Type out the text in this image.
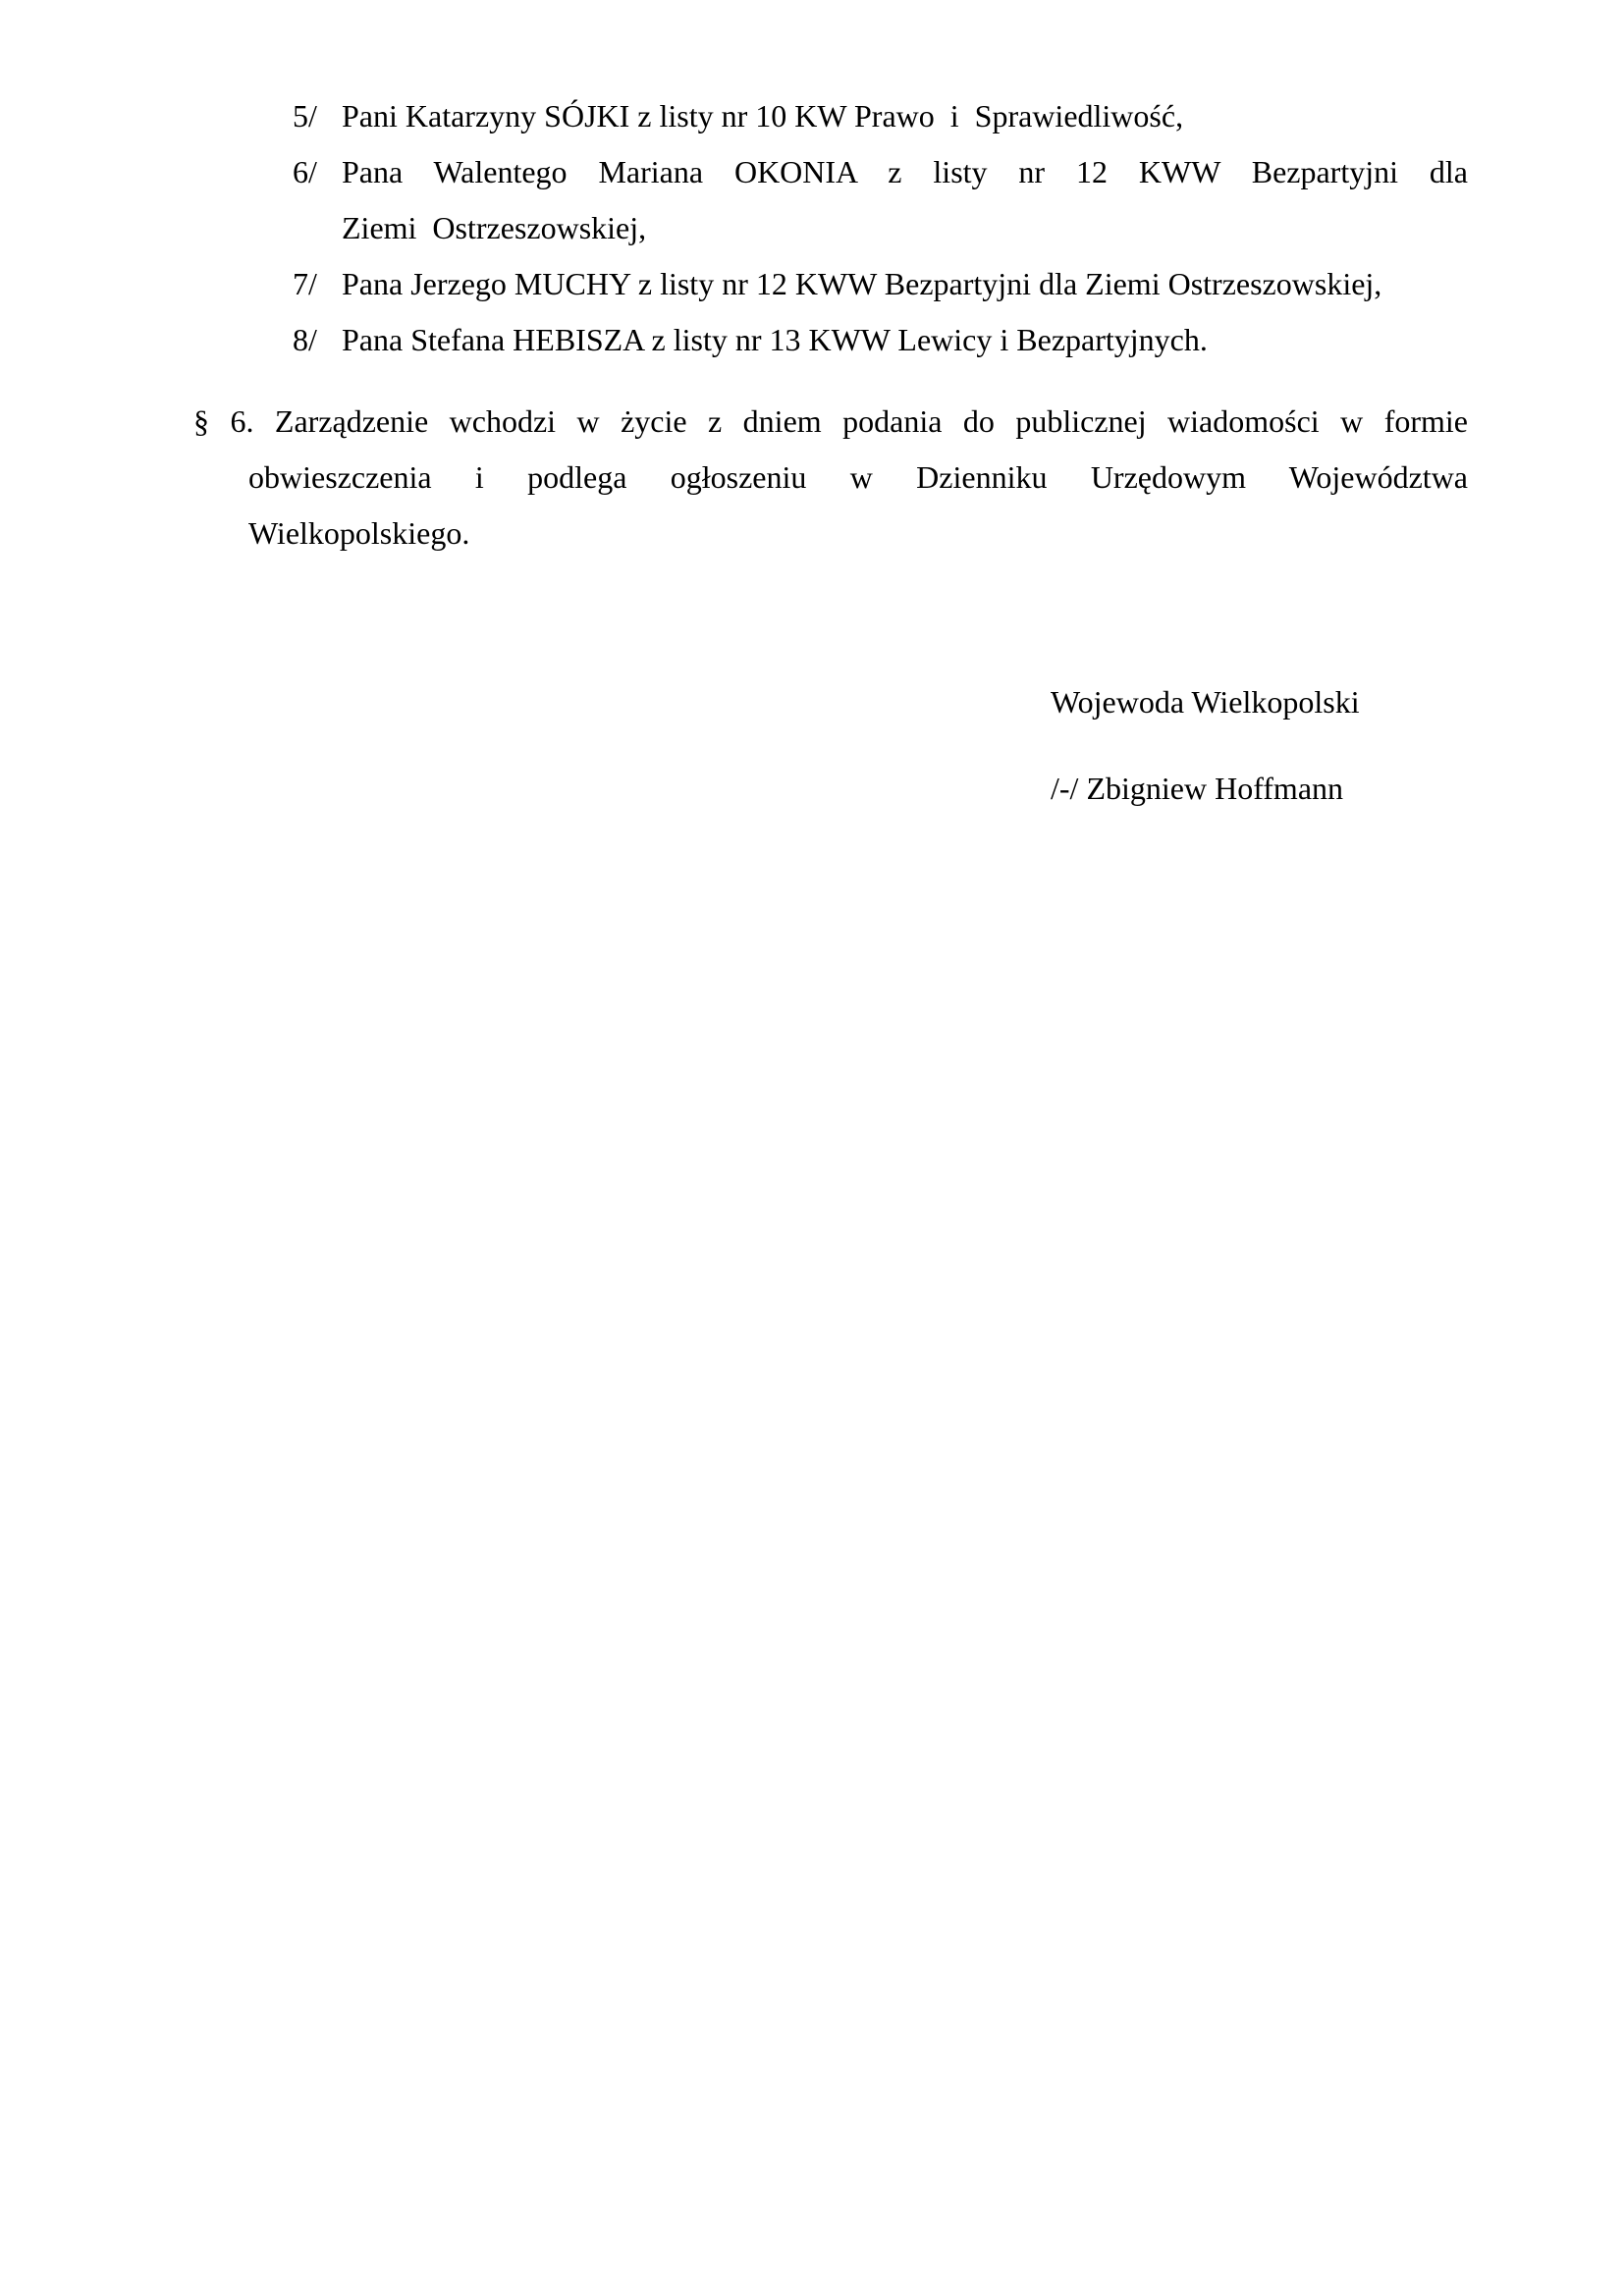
5/ Pani Katarzyny SÓJKI z listy nr 10 KW Prawo  i  Sprawiedliwość,
6/ Pana Walentego Mariana OKONIA z listy nr 12 KWW Bezpartyjni dla
Ziemi  Ostrzeszowskiej,
7/ Pana Jerzego MUCHY z listy nr 12 KWW Bezpartyjni dla Ziemi Ostrzeszowskiej,
8/ Pana Stefana HEBISZA z listy nr 13 KWW Lewicy i Bezpartyjnych.
§ 6. Zarządzenie wchodzi w życie z dniem podania do publicznej wiadomości w formie
obwieszczenia i podlega ogłoszeniu w Dzienniku Urzędowym Województwa
Wielkopolskiego.
Wojewoda Wielkopolski
/-/ Zbigniew Hoffmann
